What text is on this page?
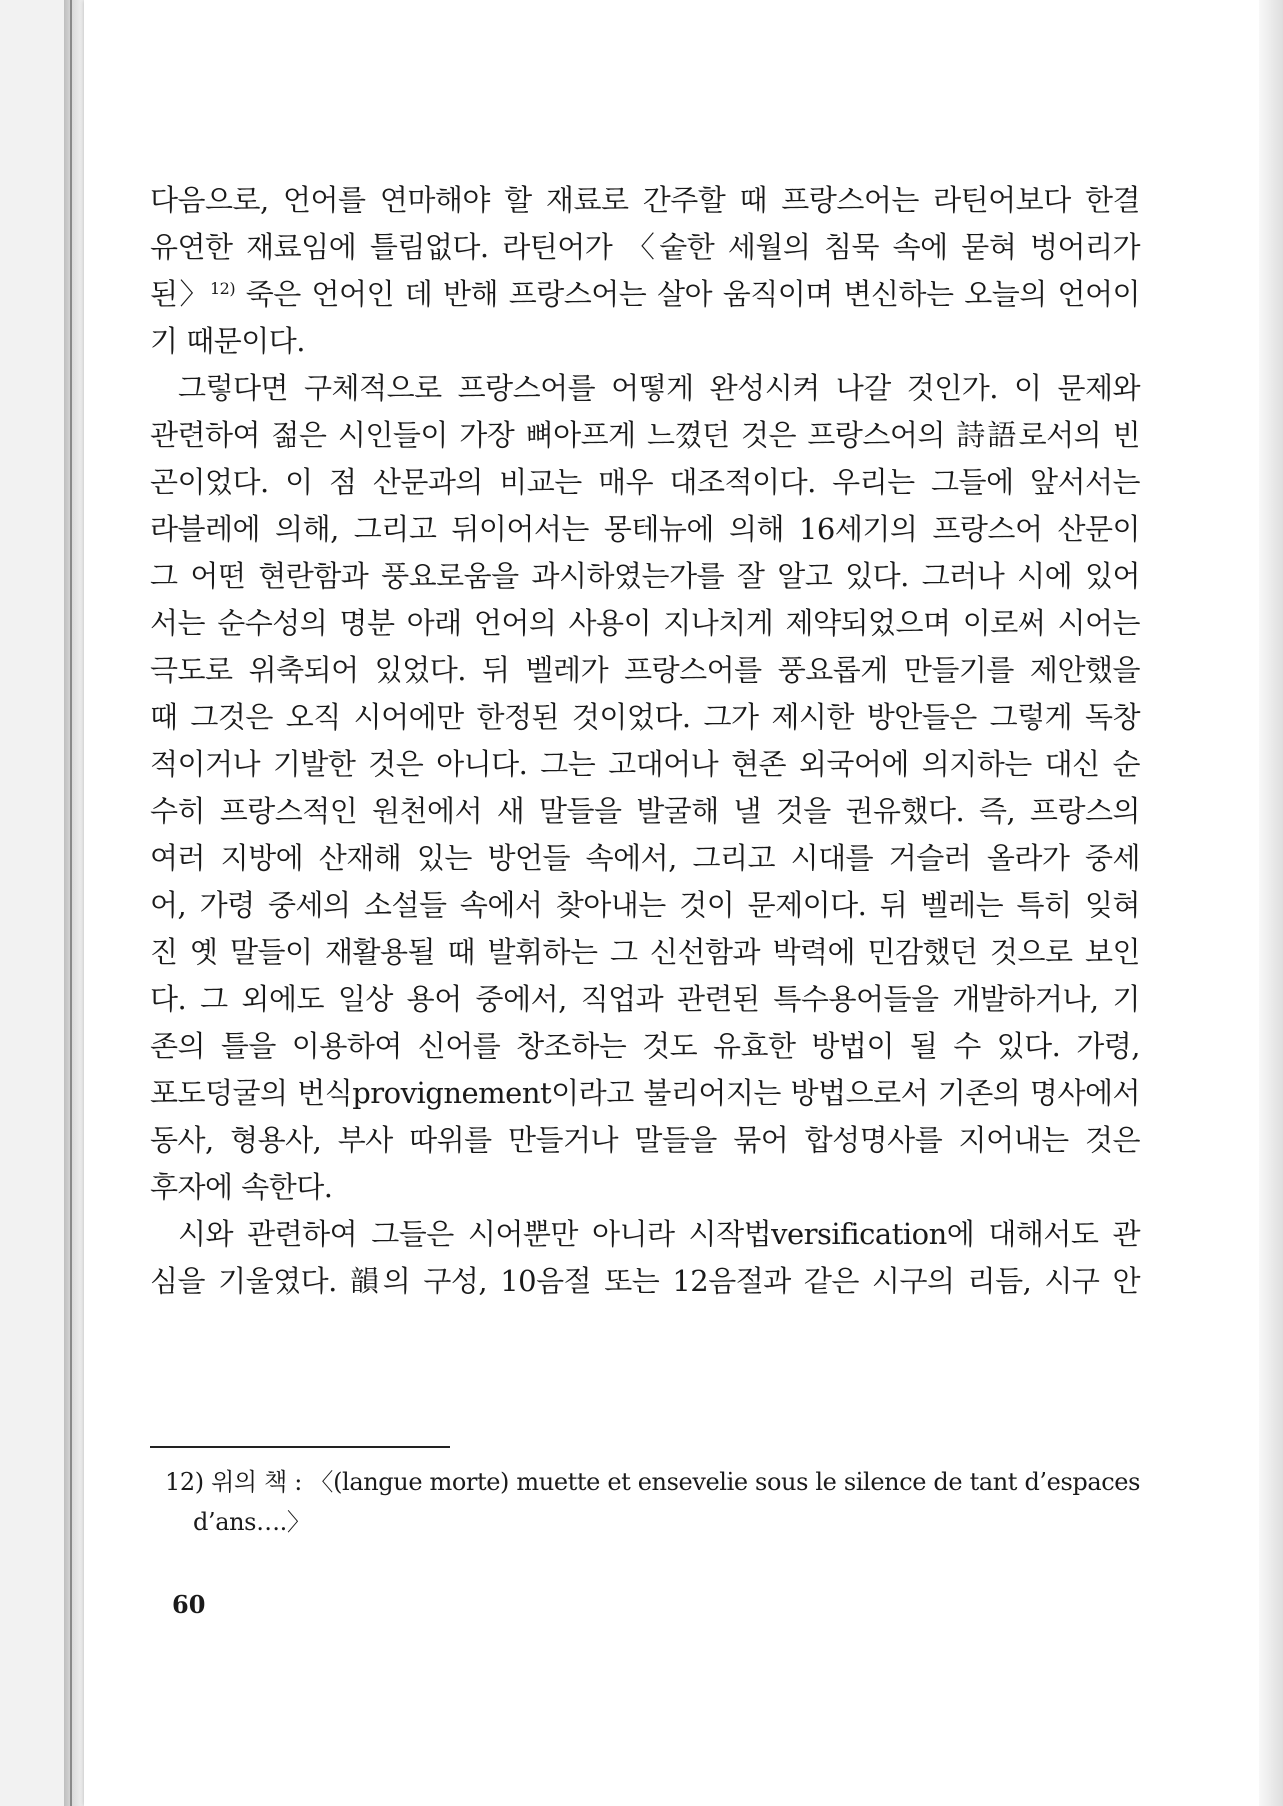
다음으로, 언어를 연마해야 할 재료로 간주할 때 프랑스어는 라틴어보다 한결
유연한 재료임에 틀림없다. 라틴어가 〈숱한 세월의 침묵 속에 묻혀 벙어리가
된〉$^{12)}$ 죽은 언어인 데 반해 프랑스어는 살아 움직이며 변신하는 오늘의 언어이
기 때문이다.
그렇다면 구체적으로 프랑스어를 어떻게 완성시켜 나갈 것인가. 이 문제와
관련하여 젊은 시인들이 가장 뼈아프게 느꼈던 것은 프랑스어의 詩語로서의 빈
곤이었다. 이 점 산문과의 비교는 매우 대조적이다. 우리는 그들에 앞서서는
라블레에 의해, 그리고 뒤이어서는 몽테뉴에 의해 16세기의 프랑스어 산문이
그 어떤 현란함과 풍요로움을 과시하였는가를 잘 알고 있다. 그러나 시에 있어
서는 순수성의 명분 아래 언어의 사용이 지나치게 제약되었으며 이로써 시어는
극도로 위축되어 있었다. 뒤 벨레가 프랑스어를 풍요롭게 만들기를 제안했을
때 그것은 오직 시어에만 한정된 것이었다. 그가 제시한 방안들은 그렇게 독창
적이거나 기발한 것은 아니다. 그는 고대어나 현존 외국어에 의지하는 대신 순
수히 프랑스적인 원천에서 새 말들을 발굴해 낼 것을 권유했다. 즉, 프랑스의
여러 지방에 산재해 있는 방언들 속에서, 그리고 시대를 거슬러 올라가 중세
어, 가령 중세의 소설들 속에서 찾아내는 것이 문제이다. 뒤 벨레는 특히 잊혀
진 옛 말들이 재활용될 때 발휘하는 그 신선함과 박력에 민감했던 것으로 보인
다. 그 외에도 일상 용어 중에서, 직업과 관련된 특수용어들을 개발하거나, 기
존의 틀을 이용하여 신어를 창조하는 것도 유효한 방법이 될 수 있다. 가령,
포도덩굴의 번식provignement이라고 불리어지는 방법으로서 기존의 명사에서
동사, 형용사, 부사 따위를 만들거나 말들을 묶어 합성명사를 지어내는 것은
후자에 속한다.
시와 관련하여 그들은 시어뿐만 아니라 시작법versification에 대해서도 관
심을 기울였다. 韻의 구성, 10음절 또는 12음절과 같은 시구의 리듬, 시구 안
12) 위의 책 : 〈(langue morte) muette et ensevelie sous le silence de tant d’espaces
d’ans….〉
60
